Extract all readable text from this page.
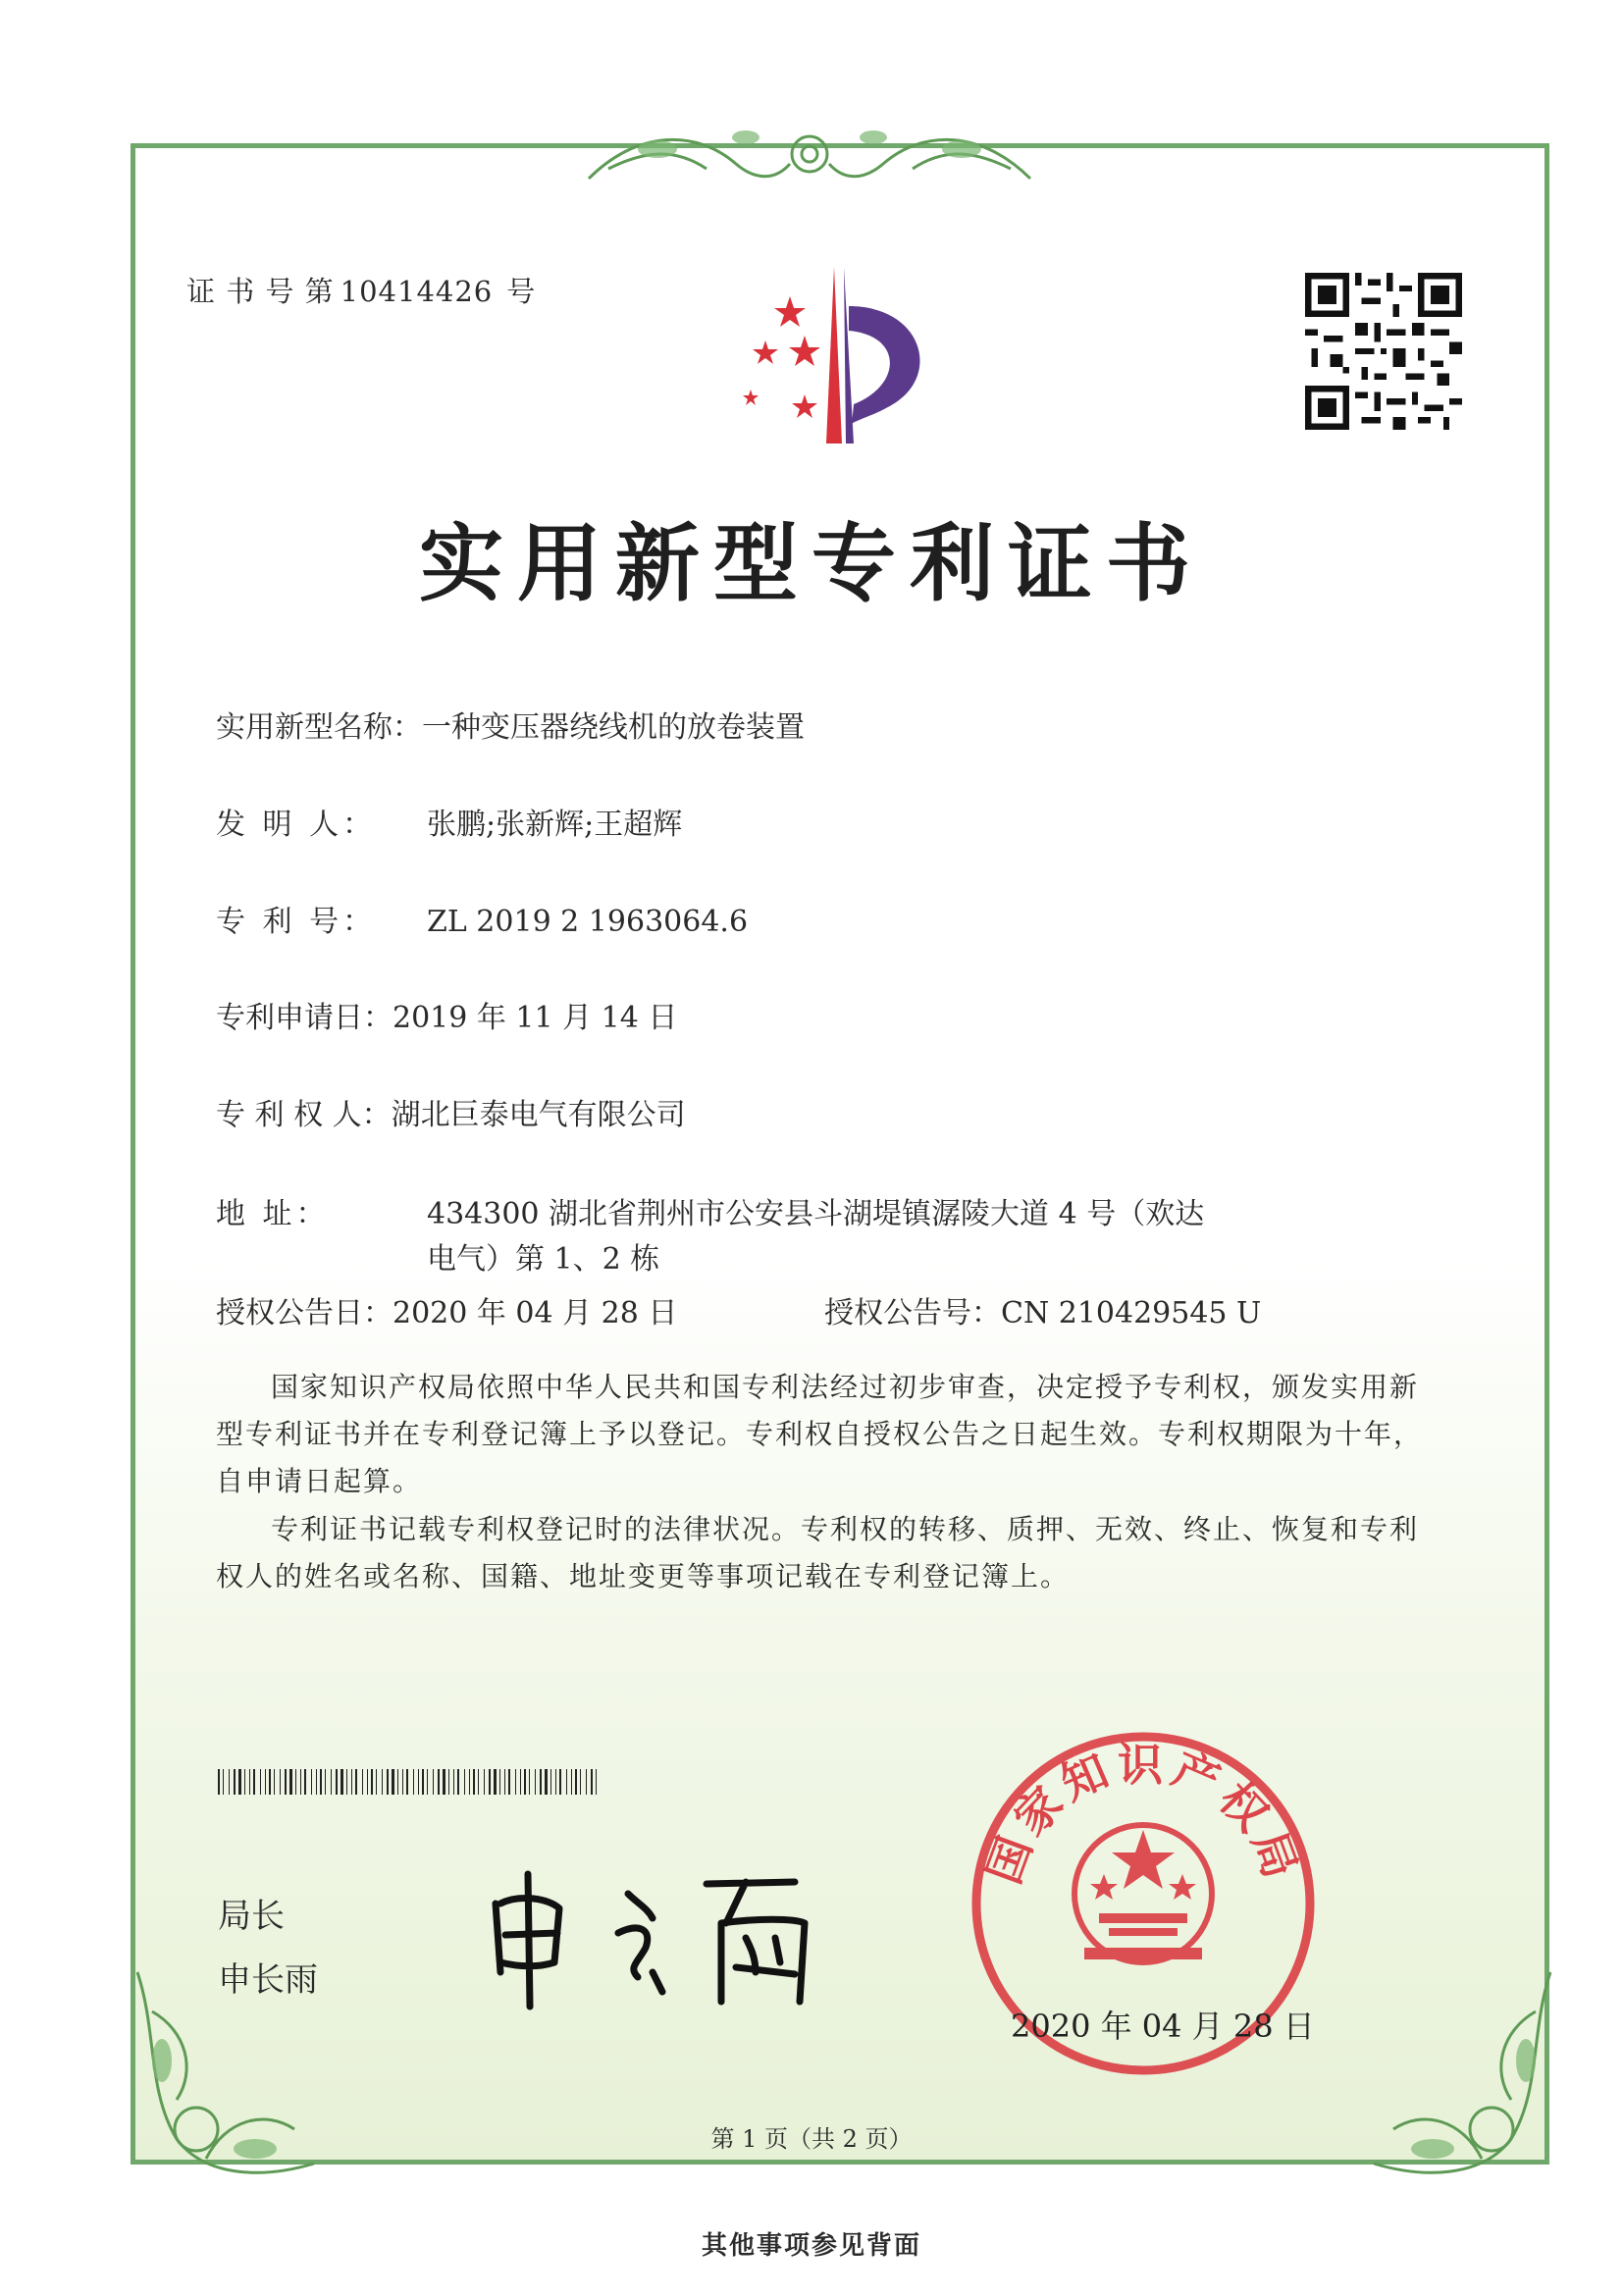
证 书 号 第 10414426 号
实用新型专利证书
实用新型名称：一种变压器绕线机的放卷装置
发 明 人： 张鹏;张新辉;王超辉
专 利 号： ZL 2019 2 1963064.6
专利申请日：2019 年 11 月 14 日
专 利 权 人：湖北巨泰电气有限公司
地 址：	434300 湖北省荆州市公安县斗湖堤镇潺陵大道 4 号（欢达
电气）第 1、2 栋
授权公告日：2020 年 04 月 28 日	授权公告号：CN 210429545 U
国家知识产权局依照中华人民共和国专利法经过初步审查，决定授予专利权，颁发实用新型专利证书并在专利登记簿上予以登记。专利权自授权公告之日起生效。专利权期限为十年，自申请日起算。
专利证书记载专利权登记时的法律状况。专利权的转移、质押、无效、终止、恢复和专利权人的姓名或名称、国籍、地址变更等事项记载在专利登记簿上。
局长
申长雨
国家知识产权局
2020 年 04 月 28 日
第 1 页（共 2 页）
其他事项参见背面
